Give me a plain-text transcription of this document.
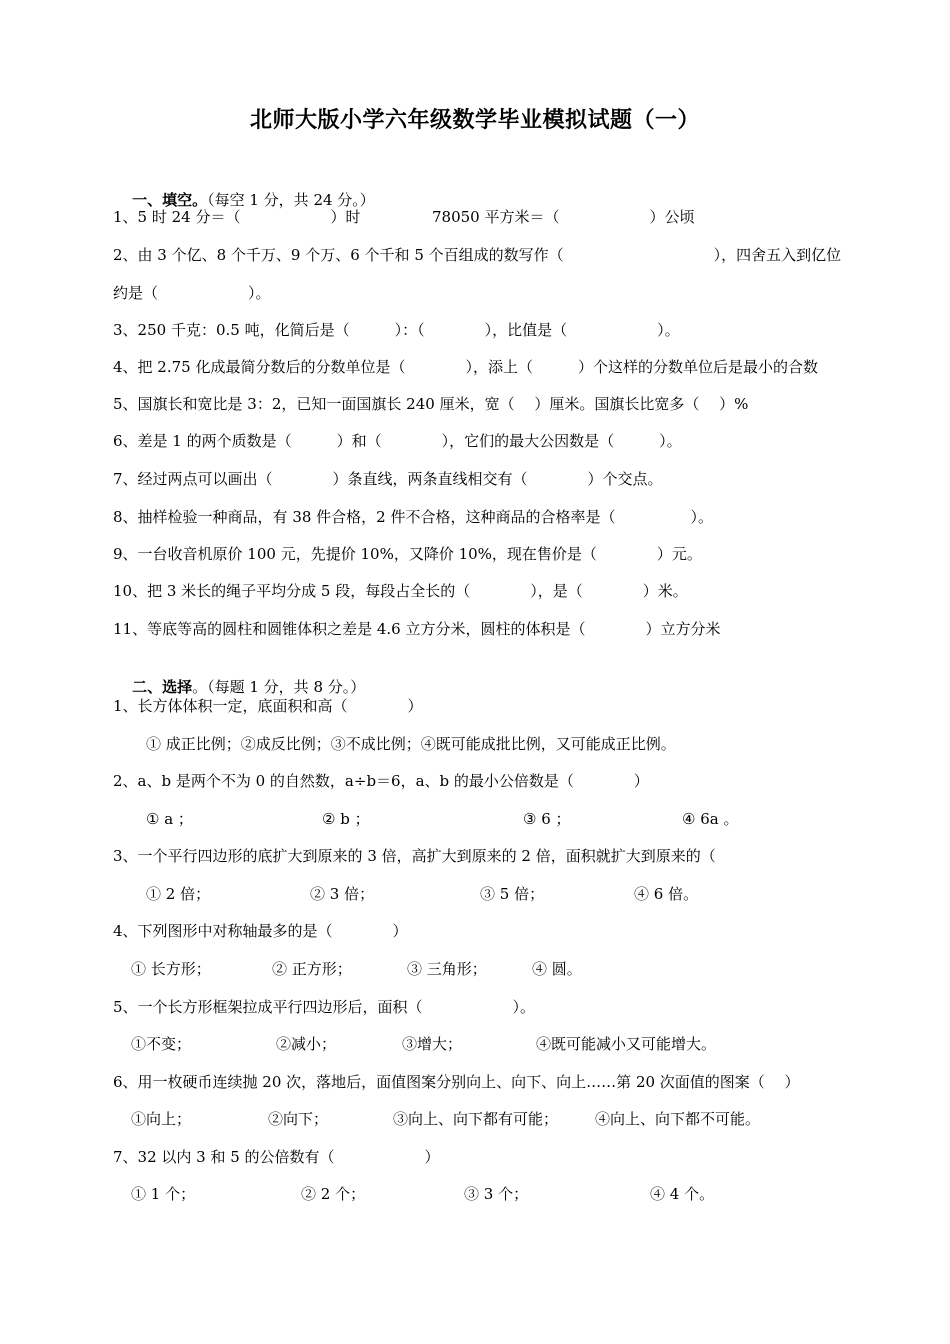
北师大版小学六年级数学毕业模拟试题（一）

一、填空。（每空 1 分，共 24 分。）

1、5 时 24 分＝（　　　　　　）时

	78050 平方米＝（　　　　　　）公顷

2、由 3 个亿、8 个千万、9 个万、6 个千和 5 个百组成的数写作（　　　　　　　　　　），四舍五入到亿位
约是（　　　　　　）。
3、250 千克：0.5 吨，化简后是（　　　）：（　　　　），比值是（　　　　　　）。
4、把 2.75 化成最简分数后的分数单位是（　　　　），添上（　　　）个这样的分数单位后是最小的合数
5、国旗长和宽比是 3：2，已知一面国旗长 240 厘米，宽（　 ）厘米。国旗长比宽多（　 ）%
6、差是 1 的两个质数是（　　　）和（　　　　），它们的最大公因数是（　　　）。
7、经过两点可以画出（　　　　）条直线，两条直线相交有（　　　　）个交点。
8、抽样检验一种商品，有 38 件合格，2 件不合格，这种商品的合格率是（　　　　　）。
9、一台收音机原价 100 元，先提价 10%，又降价 10%，现在售价是（　　　　）元。
10、把 3 米长的绳子平均分成 5 段，每段占全长的（　　　　），是（　　　　）米。
11、等底等高的圆柱和圆锥体积之差是 4.6 立方分米，圆柱的体积是（　　　　）立方分米

二、选择。（每题 1 分，共 8 分。）

1、长方体体积一定，底面积和高（　　　　）
① 成正比例；②成反比例；③不成比例；④既可能成批比例，又可能成正比例。
2、a、b 是两个不为 0 的自然数，a÷b＝6，a、b 的最小公倍数是（　　　　）
① a ；	② b ；	③ 6 ；	④ 6a 。
3、一个平行四边形的底扩大到原来的 3 倍，高扩大到原来的 2 倍，面积就扩大到原来的（
① 2 倍；	② 3 倍；	③ 5 倍；	④ 6 倍。
4、下列图形中对称轴最多的是（　　　　）
① 长方形；	② 正方形；	③ 三角形；	④ 圆。
5、一个长方形框架拉成平行四边形后，面积（　　　　　　）。
①不变；	②减小；	③增大；	④既可能减小又可能增大。
6、用一枚硬币连续抛 20 次，落地后，面值图案分别向上、向下、向上……第 20 次面值的图案（　 ）
①向上；	②向下；	③向上、向下都有可能； ④向上、向下都不可能。
7、32 以内 3 和 5 的公倍数有（　　　　　　）
① 1 个；	② 2 个；	③ 3 个；	④ 4 个。
